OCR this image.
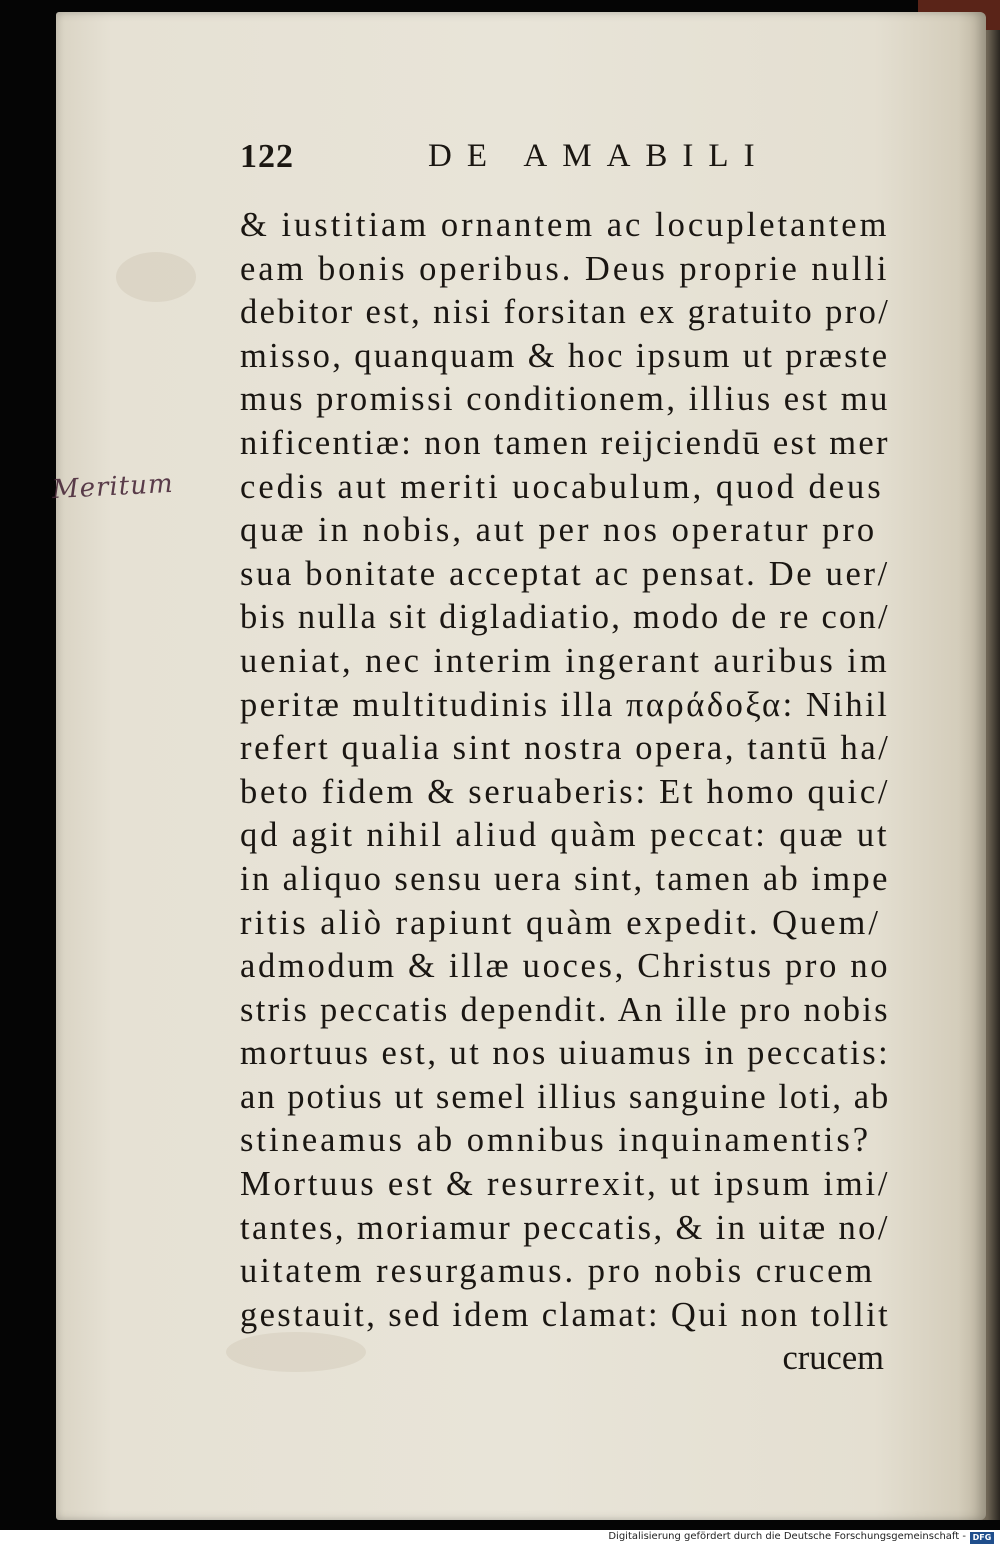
122	DE AMABILI
Meritum
& iustitiam ornantem ac locupletantem
eam bonis operibus. Deus proprie nulli
debitor est, nisi forsitan ex gratuito pro/
misso, quanquam & hoc ipsum ut præste
mus promissi conditionem, illius est mu
nificentiæ: non tamen reijciendū est mer
cedis aut meriti uocabulum, quod deus
quæ in nobis, aut per nos operatur pro
sua bonitate acceptat ac pensat. De uer/
bis nulla sit digladiatio, modo de re con/
ueniat, nec interim ingerant auribus im
peritæ multitudinis illa παράδοξα: Nihil
refert qualia sint nostra opera, tantū ha/
beto fidem & seruaberis: Et homo quic/
qd agit nihil aliud quàm peccat: quæ ut
in aliquo sensu uera sint, tamen ab impe
ritis aliò rapiunt quàm expedit. Quem/
admodum & illæ uoces, Christus pro no
stris peccatis dependit. An ille pro nobis
mortuus est, ut nos uiuamus in peccatis:
an potius ut semel illius sanguine loti, ab
stineamus ab omnibus inquinamentis?
Mortuus est & resurrexit, ut ipsum imi/
tantes, moriamur peccatis, & in uitæ no/
uitatem resurgamus. pro nobis crucem
gestauit, sed idem clamat: Qui non tollit
crucem
Digitalisierung gefördert durch die Deutsche Forschungsgemeinschaft - DFG
